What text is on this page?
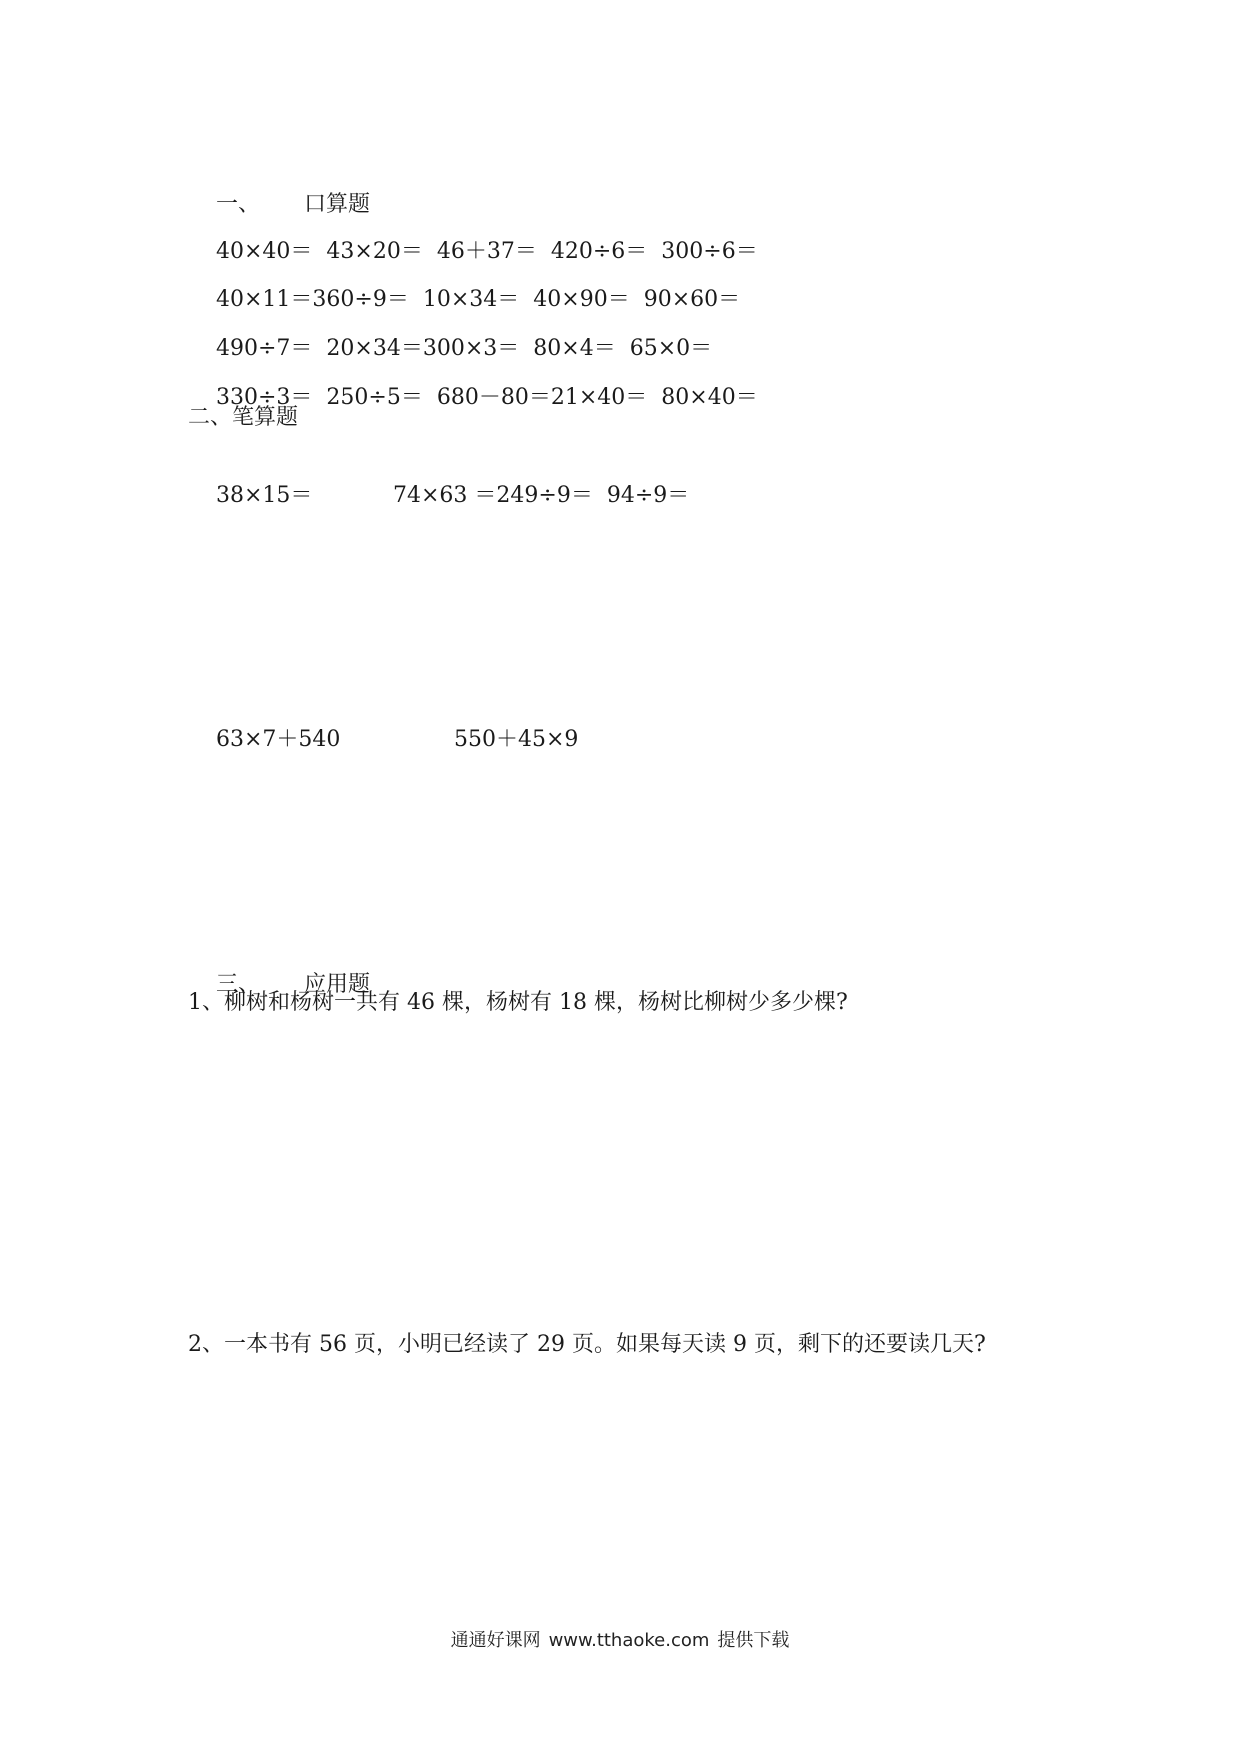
一、 口算题

40×40＝ 43×20＝ 46＋37＝ 420÷6＝ 300÷6＝

40×11＝360÷9＝ 10×34＝ 40×90＝ 90×60＝

490÷7＝ 20×34＝300×3＝ 80×4＝ 65×0＝

330÷3＝ 250÷5＝ 680－80＝21×40＝ 80×40＝

二、笔算题

38×15＝	74×63 ＝249÷9＝ 94÷9＝

63×7＋540	550＋45×9

三、 应用题

1、柳树和杨树一共有 46 棵，杨树有 18 棵，杨树比柳树少多少棵?
2、一本书有 56 页，小明已经读了 29 页。如果每天读 9 页，剩下的还要读几天?
通通好课网 www.tthaoke.com 提供下载
